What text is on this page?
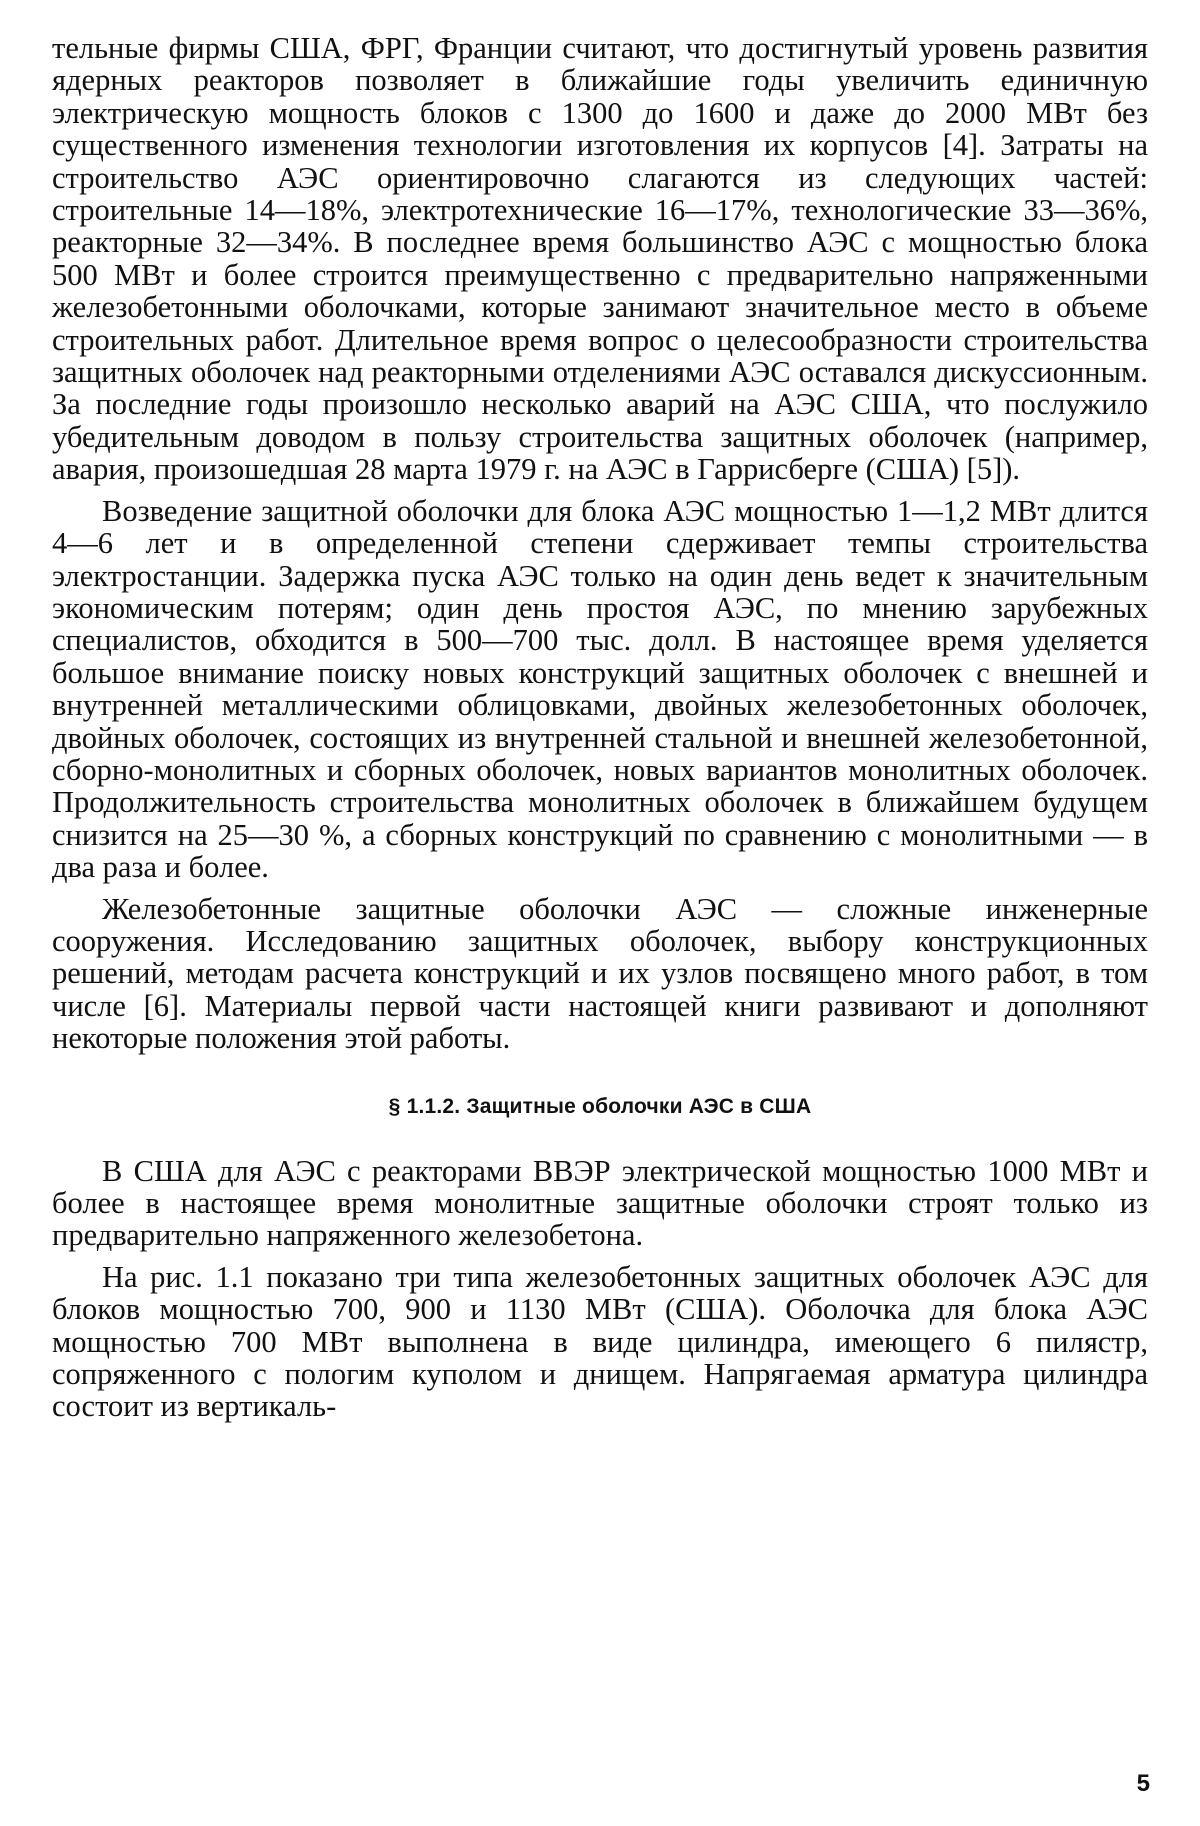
тельные фирмы США, ФРГ, Франции считают, что достигнутый уровень развития ядерных реакторов позволяет в ближайшие годы увеличить единичную электрическую мощность блоков с 1300 до 1600 и даже до 2000 МВт без существенного изменения технологии изготовления их корпусов [4]. Затраты на строительство АЭС ориентировочно слагаются из следующих частей: строительные 14—18%, электротехнические 16—17%, технологические 33—36%, реакторные 32—34%. В последнее время большинство АЭС с мощностью блока 500 МВт и более строится преимущественно с предварительно напряженными железобетонными оболочками, которые занимают значительное место в объеме строительных работ. Длительное время вопрос о целесообразности строительства защитных оболочек над реакторными отделениями АЭС оставался дискуссионным. За последние годы произошло несколько аварий на АЭС США, что послужило убедительным доводом в пользу строительства защитных оболочек (например, авария, произошедшая 28 марта 1979 г. на АЭС в Гаррисберге (США) [5]).

Возведение защитной оболочки для блока АЭС мощностью 1—1,2 МВт длится 4—6 лет и в определенной степени сдерживает темпы строительства электростанции. Задержка пуска АЭС только на один день ведет к значительным экономическим потерям; один день простоя АЭС, по мнению зарубежных специалистов, обходится в 500—700 тыс. долл. В настоящее время уделяется большое внимание поиску новых конструкций защитных оболочек с внешней и внутренней металлическими облицовками, двойных железобетонных оболочек, двойных оболочек, состоящих из внутренней стальной и внешней железобетонной, сборно-монолитных и сборных оболочек, новых вариантов монолитных оболочек. Продолжительность строительства монолитных оболочек в ближайшем будущем снизится на 25—30 %, а сборных конструкций по сравнению с монолитными — в два раза и более.

Железобетонные защитные оболочки АЭС — сложные инженерные сооружения. Исследованию защитных оболочек, выбору конструкционных решений, методам расчета конструкций и их узлов посвящено много работ, в том числе [6]. Материалы первой части настоящей книги развивают и дополняют некоторые положения этой работы.

§ 1.1.2. Защитные оболочки АЭС в США

В США для АЭС с реакторами ВВЭР электрической мощностью 1000 МВт и более в настоящее время монолитные защитные оболочки строят только из предварительно напряженного железобетона.

На рис. 1.1 показано три типа железобетонных защитных оболочек АЭС для блоков мощностью 700, 900 и 1130 МВт (США). Оболочка для блока АЭС мощностью 700 МВт выполнена в виде цилиндра, имеющего 6 пилястр, сопряженного с пологим куполом и днищем. Напрягаемая арматура цилиндра состоит из вертикаль-

5
